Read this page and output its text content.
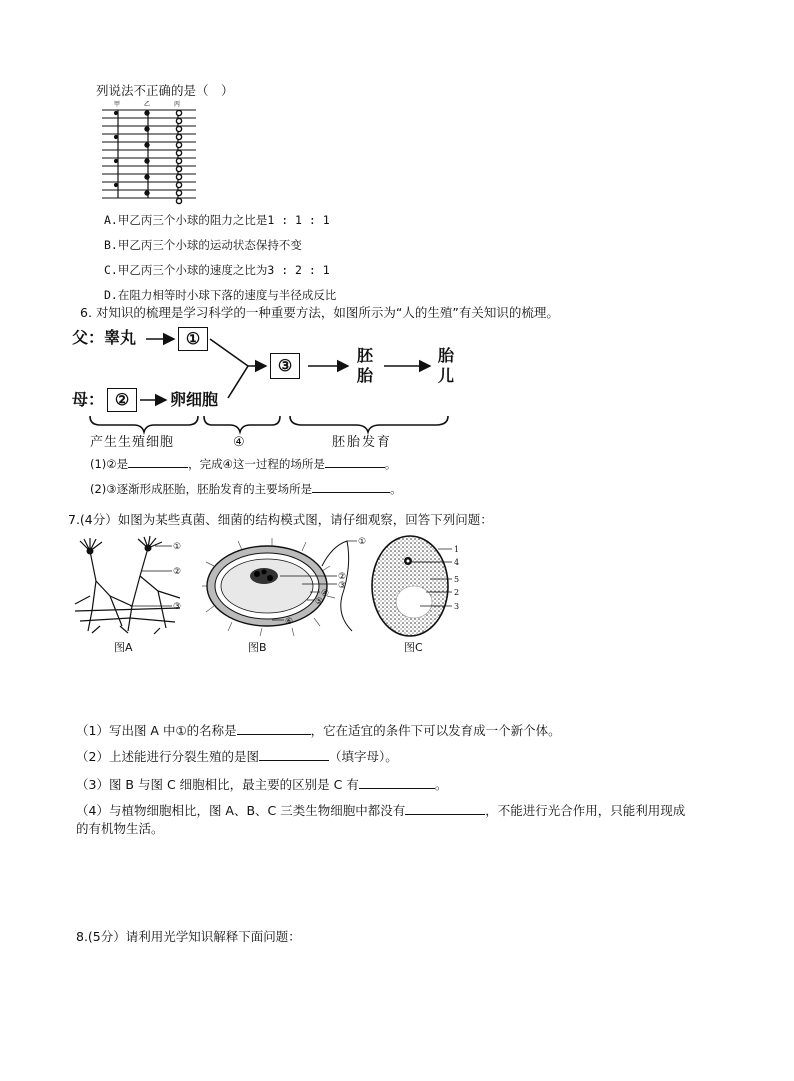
列说法不正确的是（　）
甲	乙	丙
A.甲乙丙三个小球的阻力之比是1 : 1 : 1
B.甲乙丙三个小球的运动状态保持不变
C.甲乙丙三个小球的速度之比为3 : 2 : 1
D.在阻力相等时小球下落的速度与半径成反比
6. 对知识的梳理是学习科学的一种重要方法，如图所示为“人的生殖”有关知识的梳理。
父：睾丸	①
母： ②	卵细胞
③
胚
胎
胎
儿
产生生殖细胞	④	胚胎发育
(1)②是	，完成④这一过程的场所是	。
(2)③逐渐形成胚胎，胚胎发育的主要场所是	。
7.(4分）如图为某些真菌、细菌的结构模式图，请仔细观察，回答下列问题：
①
②
③
图A
①
②
③
④
⑤
⑥
图B
1
4
5
2
3
图C
（1）写出图 A 中①的名称是	，它在适宜的条件下可以发育成一个新个体。
（2）上述能进行分裂生殖的是图	（填字母）。
（3）图 B 与图 C 细胞相比，最主要的区别是 C 有	。
（4）与植物细胞相比，图 A、B、C 三类生物细胞中都没有	，不能进行光合作用，只能利用现成
的有机物生活。
8.(5分）请利用光学知识解释下面问题：
